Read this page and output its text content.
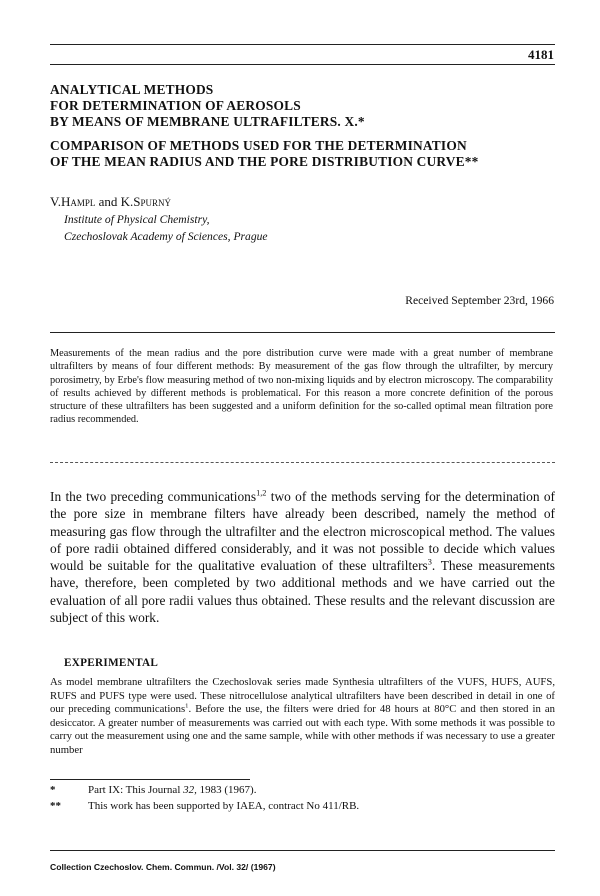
4181
ANALYTICAL METHODS
FOR DETERMINATION OF AEROSOLS
BY MEANS OF MEMBRANE ULTRAFILTERS. X.*
COMPARISON OF METHODS USED FOR THE DETERMINATION
OF THE MEAN RADIUS AND THE PORE DISTRIBUTION CURVE**
V.Hampl and K.Spurný
Institute of Physical Chemistry,
Czechoslovak Academy of Sciences, Prague
Received September 23rd, 1966
Measurements of the mean radius and the pore distribution curve were made with a great number of membrane ultrafilters by means of four different methods: By measurement of the gas flow through the ultrafilter, by mercury porosimetry, by Erbe's flow measuring method of two non-mixing liquids and by electron microscopy. The comparability of results achieved by different methods is problematical. For this reason a more concrete definition of the porous structure of these ultrafilters has been suggested and a uniform definition for the so-called optimal mean filtration pore radius recommended.
In the two preceding communications$^{1,2}$ two of the methods serving for the determination of the pore size in membrane filters have already been described, namely the method of measuring gas flow through the ultrafilter and the electron microscopical method. The values of pore radii obtained differed considerably, and it was not possible to decide which values would be suitable for the qualitative evaluation of these ultrafilters$^3$. These measurements have, therefore, been completed by two additional methods and we have carried out the evaluation of all pore radii values thus obtained. These results and the relevant discussion are subject of this work.
EXPERIMENTAL
As model membrane ultrafilters the Czechoslovak series made Synthesia ultrafilters of the VUFS, HUFS, AUFS, RUFS and PUFS type were used. These nitrocellulose analytical ultrafilters have been described in detail in one of our preceding communications$^1$. Before the use, the filters were dried for 48 hours at 80°C and then stored in an desiccator. A greater number of measurements was carried out with each type. With some methods it was possible to carry out the measurement using one and the same sample, while with other methods if was necessary to use a greater number
*	Part IX: This Journal 32, 1983 (1967).
** This work has been supported by IAEA, contract No 411/RB.
Collection Czechoslov. Chem. Commun. /Vol. 32/ (1967)
